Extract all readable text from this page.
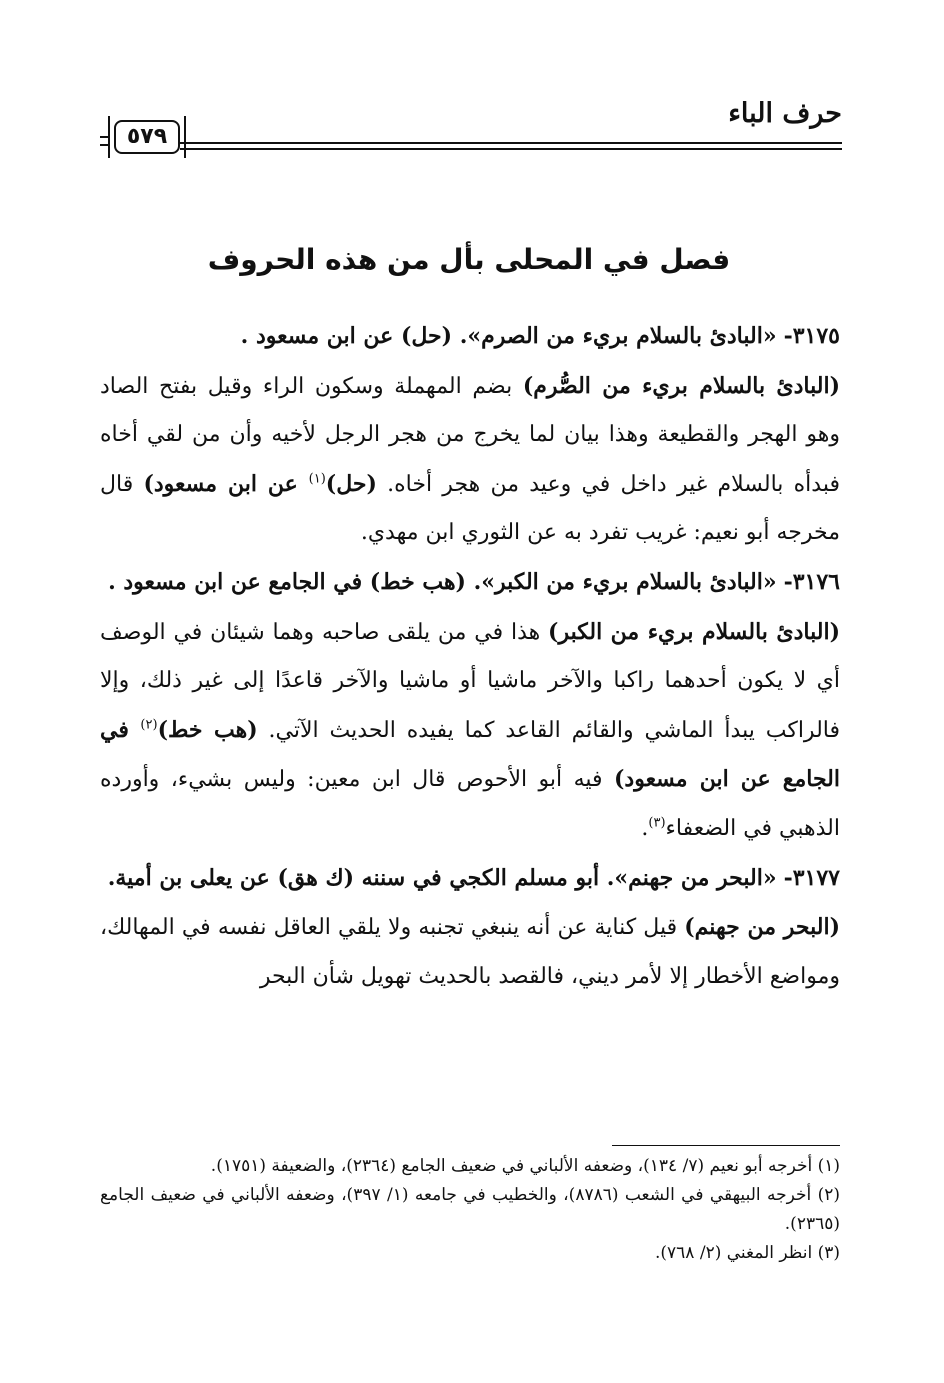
حرف الباء
٥٧٩
فصل في المحلى بأل من هذه الحروف

٣١٧٥- «البادئ بالسلام بريء من الصرم». (حل) عن ابن مسعود .

(البادئ بالسلام بريء من الصُّرم) بضم المهملة وسكون الراء وقيل بفتح الصاد وهو الهجر والقطيعة وهذا بيان لما يخرج من هجر الرجل لأخيه وأن من لقي أخاه فبدأه بالسلام غير داخل في وعيد من هجر أخاه. (حل)$^{(١)}$ عن ابن مسعود) قال مخرجه أبو نعيم: غريب تفرد به عن الثوري ابن مهدي.

٣١٧٦- «البادئ بالسلام بريء من الكبر». (هب خط) في الجامع عن ابن مسعود .

(البادئ بالسلام بريء من الكبر) هذا في من يلقى صاحبه وهما شيئان في الوصف أي لا يكون أحدهما راكبا والآخر ماشيا أو ماشيا والآخر قاعدًا إلى غير ذلك، وإلا فالراكب يبدأ الماشي والقائم القاعد كما يفيده الحديث الآتي. (هب خط)$^{(٢)}$ في الجامع عن ابن مسعود) فيه أبو الأحوص قال ابن معين: وليس بشيء، وأورده الذهبي في الضعفاء$^{(٣)}$.

٣١٧٧- «البحر من جهنم». أبو مسلم الكجي في سننه (ك هق) عن يعلى بن أمية.

(البحر من جهنم) قيل كناية عن أنه ينبغي تجنبه ولا يلقي العاقل نفسه في المهالك، ومواضع الأخطار إلا لأمر ديني، فالقصد بالحديث تهويل شأن البحر

(١) أخرجه أبو نعيم (٧/ ١٣٤)، وضعفه الألباني في ضعيف الجامع (٢٣٦٤)، والضعيفة (١٧٥١).
(٢) أخرجه البيهقي في الشعب (٨٧٨٦)، والخطيب في جامعه (١/ ٣٩٧)، وضعفه الألباني في ضعيف الجامع (٢٣٦٥).
(٣) انظر المغني (٢/ ٧٦٨).
